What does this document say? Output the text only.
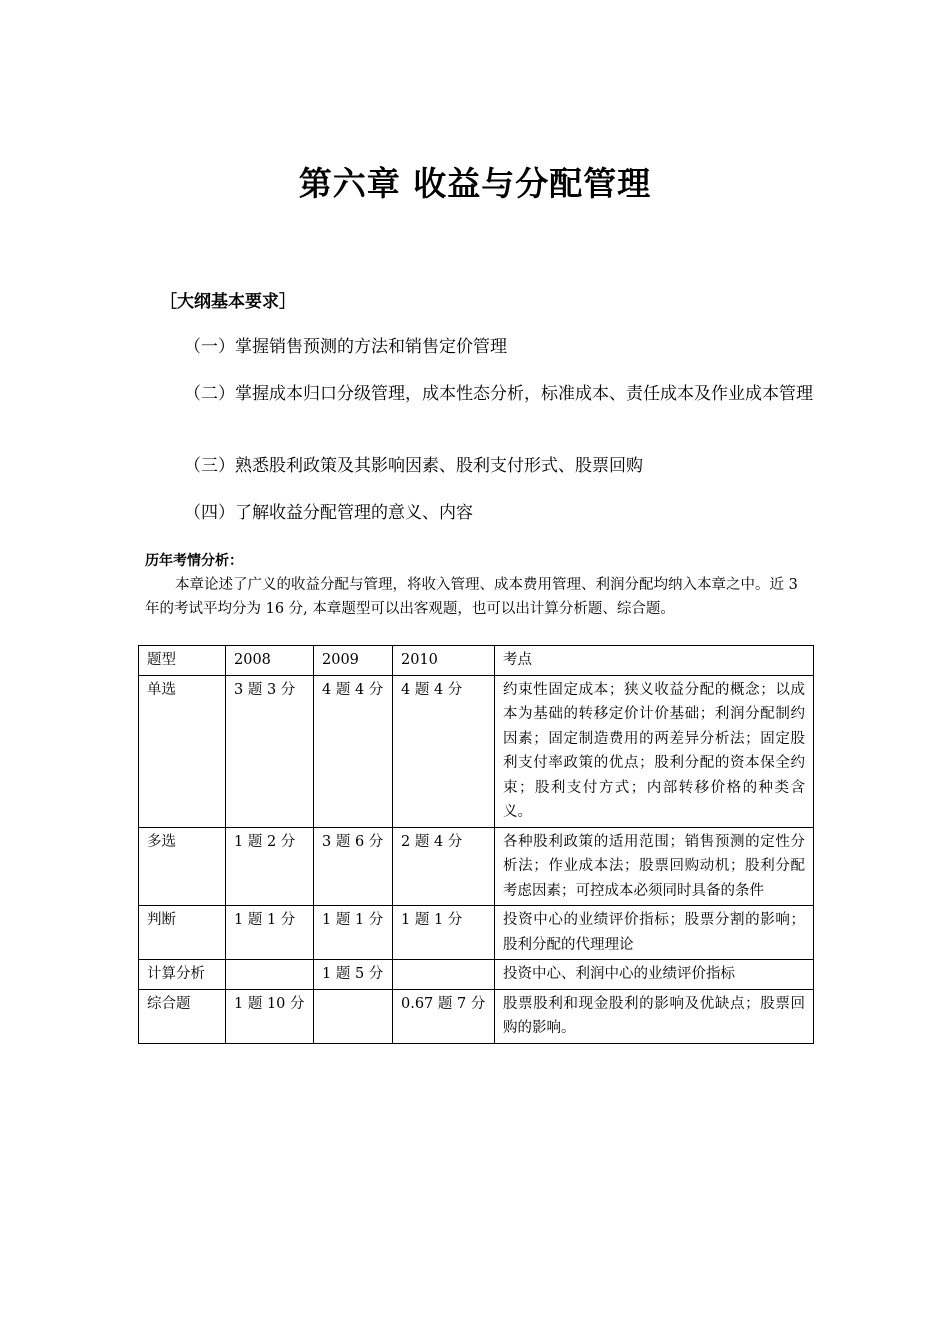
第六章 收益与分配管理
［大纲基本要求］
（一）掌握销售预测的方法和销售定价管理
（二）掌握成本归口分级管理，成本性态分析，标准成本、责任成本及作业成本管理
（三）熟悉股利政策及其影响因素、股利支付形式、股票回购
（四）了解收益分配管理的意义、内容
历年考情分析：
本章论述了广义的收益分配与管理，将收入管理、成本费用管理、利润分配均纳入本章之中。近 3 年的考试平均分为 16 分, 本章题型可以出客观题，也可以出计算分析题、综合题。
题型	2008	2009	2010	考点
单选	3 题 3 分	4 题 4 分	4 题 4 分	约束性固定成本；狭义收益分配的概念；以成本为基础的转移定价计价基础；利润分配制约因素；固定制造费用的两差异分析法；固定股利支付率政策的优点；股利分配的资本保全约束；股利支付方式；内部转移价格的种类含义。
多选	1 题 2 分	3 题 6 分	2 题 4 分	各种股利政策的适用范围；销售预测的定性分析法；作业成本法；股票回购动机；股利分配考虑因素；可控成本必须同时具备的条件
判断	1 题 1 分	1 题 1 分	1 题 1 分	投资中心的业绩评价指标；股票分割的影响；股利分配的代理理论
计算分析		1 题 5 分		投资中心、利润中心的业绩评价指标
综合题	1 题 10 分		0.67 题 7 分	股票股利和现金股利的影响及优缺点；股票回购的影响。
